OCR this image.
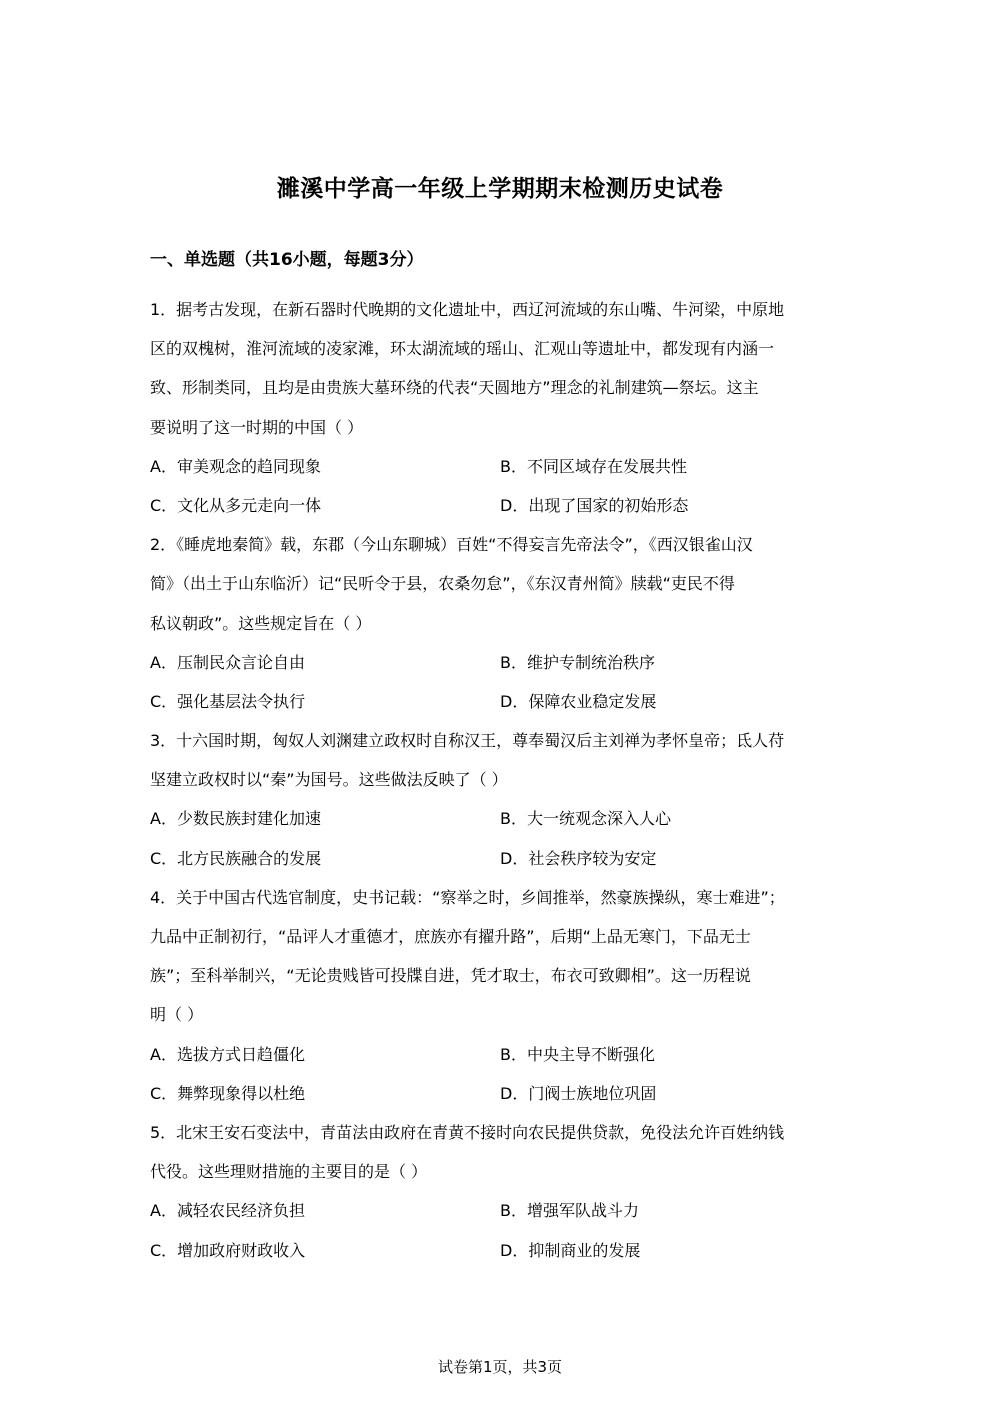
濉溪中学高一年级上学期期末检测历史试卷
一、单选题（共16小题，每题3分）
1．据考古发现，在新石器时代晚期的文化遗址中，西辽河流域的东山嘴、牛河梁，中原地
区的双槐树，淮河流域的凌家滩，环太湖流域的瑶山、汇观山等遗址中，都发现有内涵一
致、形制类同，且均是由贵族大墓环绕的代表“天圆地方”理念的礼制建筑—祭坛。这主
要说明了这一时期的中国（ ）
A．审美观念的趋同现象	B．不同区域存在发展共性
C．文化从多元走向一体	D．出现了国家的初始形态
2．《睡虎地秦简》载，东郡（今山东聊城）百姓“不得妄言先帝法令”，《西汉银雀山汉
简》（出土于山东临沂）记“民听令于县，农桑勿怠”，《东汉青州简》牍载“吏民不得
私议朝政”。这些规定旨在（ ）
A．压制民众言论自由	B．维护专制统治秩序
C．强化基层法令执行	D．保障农业稳定发展
3．十六国时期，匈奴人刘渊建立政权时自称汉王，尊奉蜀汉后主刘禅为孝怀皇帝；氐人苻
坚建立政权时以“秦”为国号。这些做法反映了（ ）
A．少数民族封建化加速	B．大一统观念深入人心
C．北方民族融合的发展	D．社会秩序较为安定
4．关于中国古代选官制度，史书记载：“察举之时，乡闾推举，然豪族操纵，寒士难进”；
九品中正制初行，“品评人才重德才，庶族亦有擢升路”，后期“上品无寒门，下品无士
族”；至科举制兴，“无论贵贱皆可投牒自进，凭才取士，布衣可致卿相”。这一历程说
明（ ）
A．选拔方式日趋僵化	B．中央主导不断强化
C．舞弊现象得以杜绝	D．门阀士族地位巩固
5．北宋王安石变法中，青苗法由政府在青黄不接时向农民提供贷款，免役法允许百姓纳钱
代役。这些理财措施的主要目的是（ ）
A．减轻农民经济负担	B．增强军队战斗力
C．增加政府财政收入	D．抑制商业的发展
试卷第1页，共3页
